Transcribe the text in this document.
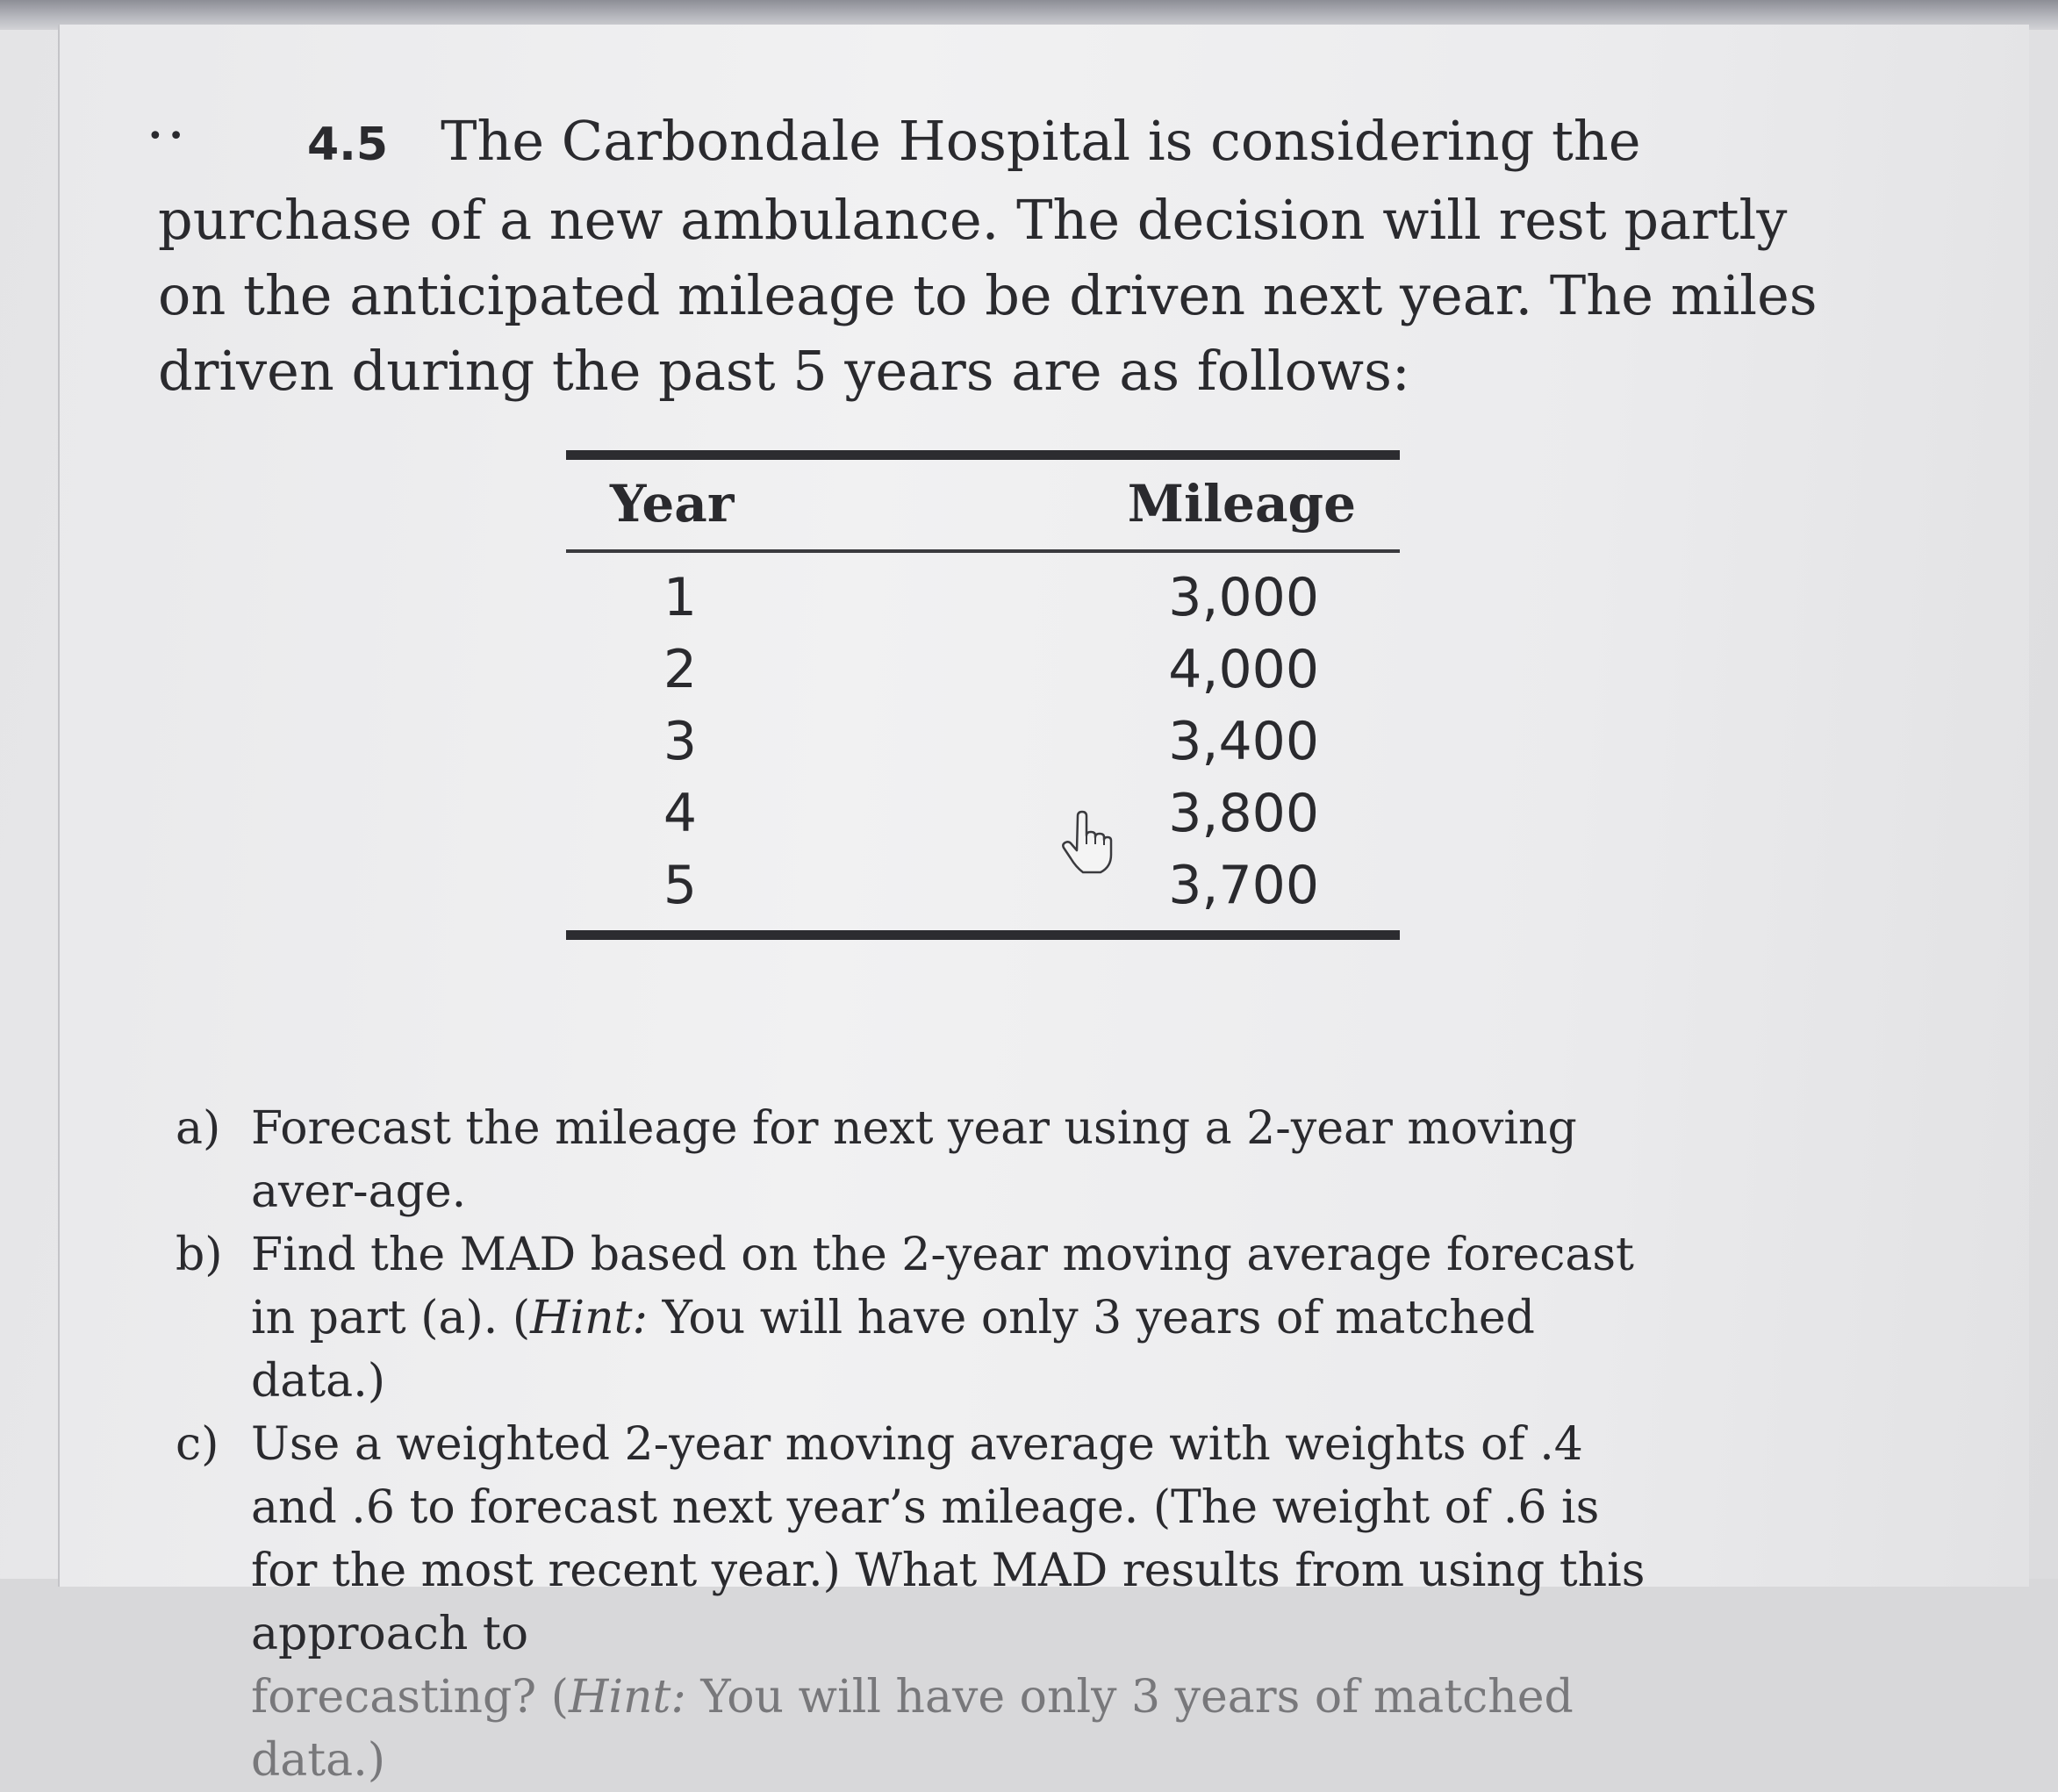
••	4.5 The Carbondale Hospital is considering the purchase of a new ambulance. The decision will rest partly on the anticipated mileage to be driven next year. The miles driven during the past 5 years are as follows:

Year	Mileage
1	3,000
2	4,000
3	3,400
4	3,800
5	3,700
a) Forecast the mileage for next year using a 2-year moving aver-age.
b) Find the MAD based on the 2-year moving average forecast in part (a). (Hint: You will have only 3 years of matched data.)
c) Use a weighted 2-year moving average with weights of .4 and .6 to forecast next year’s mileage. (The weight of .6 is for the most recent year.) What MAD results from using this approach to
forecasting? (Hint: You will have only 3 years of matched data.)
